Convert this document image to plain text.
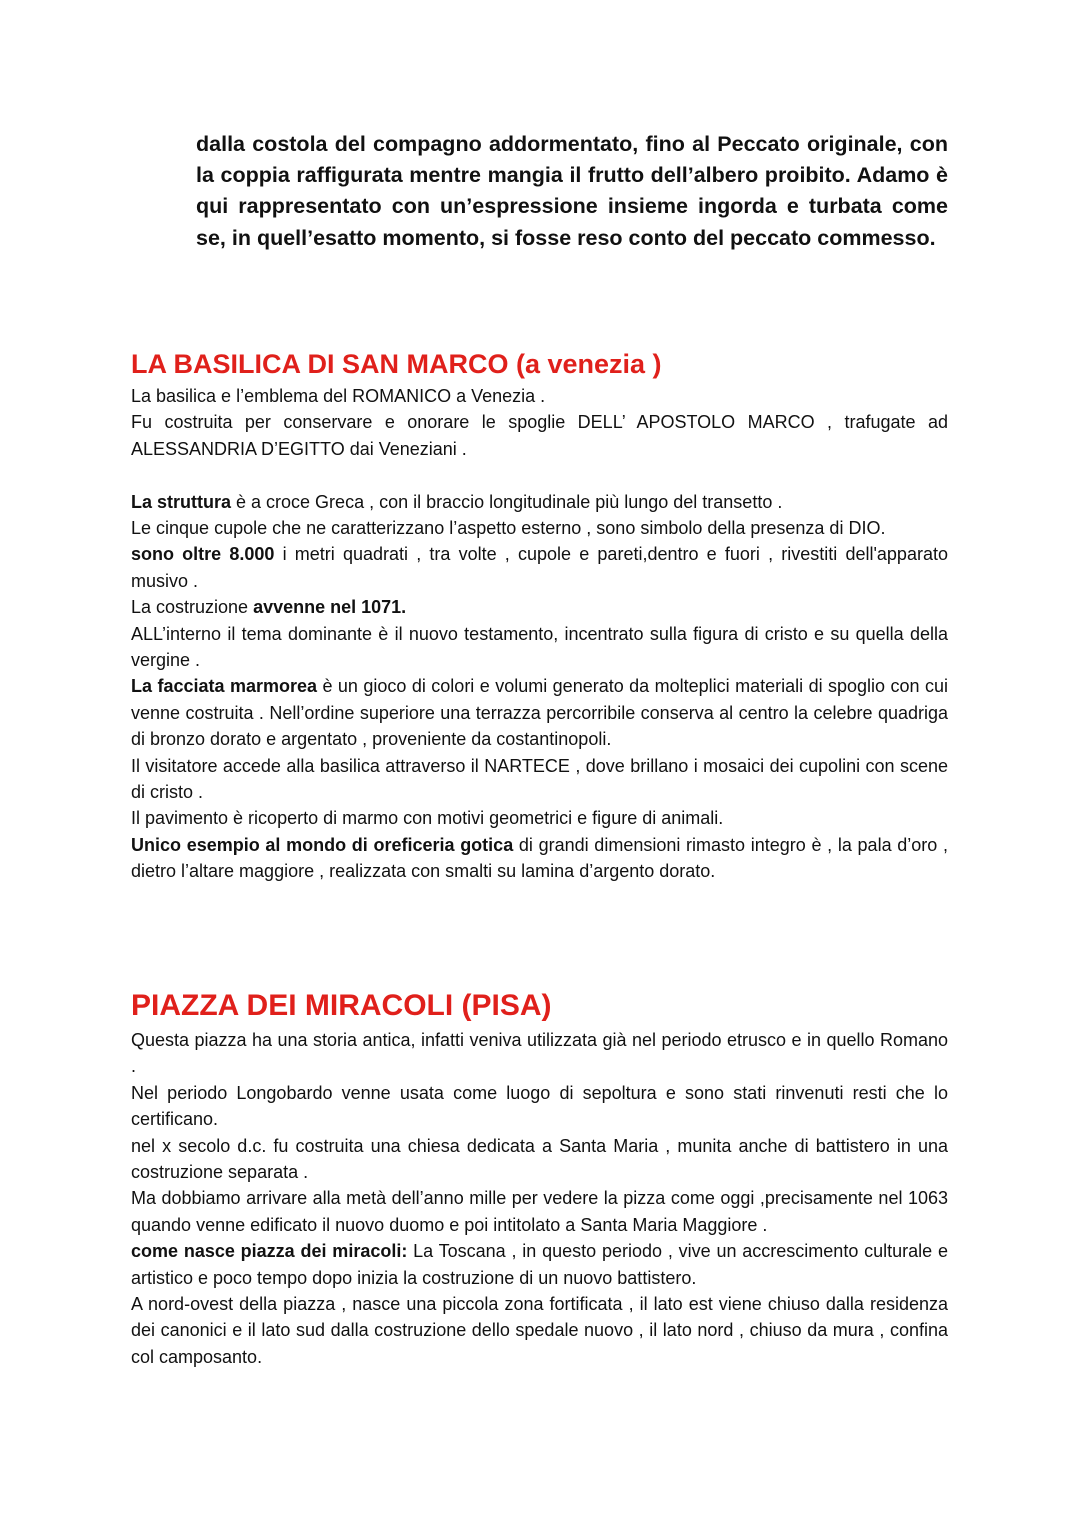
dalla costola del compagno addormentato, fino al Peccato originale, con la coppia raffigurata mentre mangia il frutto dell’albero proibito. Adamo è qui rappresentato con un’espressione insieme ingorda e turbata come se, in quell’esatto momento, si fosse reso conto del peccato commesso.

LA BASILICA DI SAN MARCO (a venezia )

La basilica e l’emblema del ROMANICO a Venezia .

Fu costruita per conservare e onorare le spoglie DELL’ APOSTOLO MARCO , trafugate ad ALESSANDRIA D’EGITTO dai Veneziani .

La struttura è a croce Greca , con il braccio longitudinale più lungo del transetto .

Le cinque cupole che ne caratterizzano l’aspetto esterno , sono simbolo della presenza di DIO.

sono oltre 8.000 i metri quadrati , tra volte , cupole e pareti,dentro e fuori , rivestiti dell'apparato musivo .

La costruzione avvenne nel 1071.

ALL’interno il tema dominante è il nuovo testamento, incentrato sulla figura di cristo e su quella della vergine .

La facciata marmorea è un gioco di colori e volumi generato da molteplici materiali di spoglio con cui venne costruita . Nell’ordine superiore una terrazza percorribile conserva al centro la celebre quadriga di bronzo dorato e argentato , proveniente da costantinopoli.

Il visitatore accede alla basilica attraverso il NARTECE , dove brillano i mosaici dei cupolini con scene di cristo .

Il pavimento è ricoperto di marmo con motivi geometrici e figure di animali.

Unico esempio al mondo di oreficeria gotica di grandi dimensioni rimasto integro è , la pala d’oro , dietro l’altare maggiore , realizzata con smalti su lamina d’argento dorato.

PIAZZA DEI MIRACOLI (PISA)

Questa piazza ha una storia antica, infatti veniva utilizzata già nel periodo etrusco e in quello Romano .

Nel periodo Longobardo venne usata come luogo di sepoltura e sono stati rinvenuti resti che lo certificano.

nel x secolo d.c. fu costruita una chiesa dedicata a Santa Maria , munita anche di battistero in una costruzione separata .

Ma dobbiamo arrivare alla metà dell’anno mille per vedere la pizza come oggi ,precisamente nel 1063 quando venne edificato il nuovo duomo e poi intitolato a Santa Maria Maggiore .

come nasce piazza dei miracoli: La Toscana , in questo periodo , vive un accrescimento culturale e artistico e poco tempo dopo inizia la costruzione di un nuovo battistero.

A nord-ovest della piazza , nasce una piccola zona fortificata , il lato est viene chiuso dalla residenza dei canonici e il lato sud dalla costruzione dello spedale nuovo , il lato nord , chiuso da mura , confina col camposanto.
